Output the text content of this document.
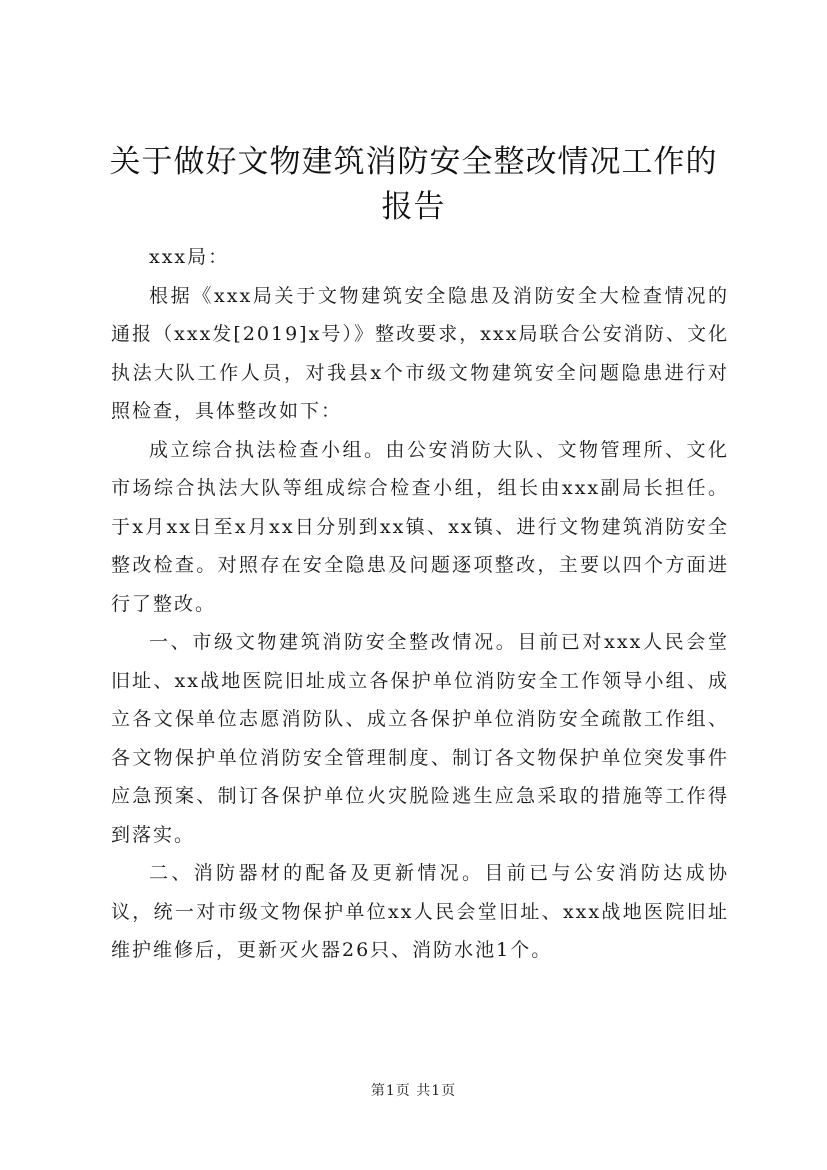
关于做好文物建筑消防安全整改情况工作的报告

xxx局：

根据《xxx局关于文物建筑安全隐患及消防安全大检查情况的通报（xxx发[2019]x号）》整改要求，xxx局联合公安消防、文化执法大队工作人员，对我县x个市级文物建筑安全问题隐患进行对照检查，具体整改如下：

成立综合执法检查小组。由公安消防大队、文物管理所、文化市场综合执法大队等组成综合检查小组，组长由xxx副局长担任。于x月xx日至x月xx日分别到xx镇、xx镇、进行文物建筑消防安全整改检查。对照存在安全隐患及问题逐项整改，主要以四个方面进行了整改。

一、市级文物建筑消防安全整改情况。目前已对xxx人民会堂旧址、xx战地医院旧址成立各保护单位消防安全工作领导小组、成立各文保单位志愿消防队、成立各保护单位消防安全疏散工作组、各文物保护单位消防安全管理制度、制订各文物保护单位突发事件应急预案、制订各保护单位火灾脱险逃生应急采取的措施等工作得到落实。

二、消防器材的配备及更新情况。目前已与公安消防达成协议，统一对市级文物保护单位xx人民会堂旧址、xxx战地医院旧址维护维修后，更新灭火器26只、消防水池1个。

第1页 共1页
